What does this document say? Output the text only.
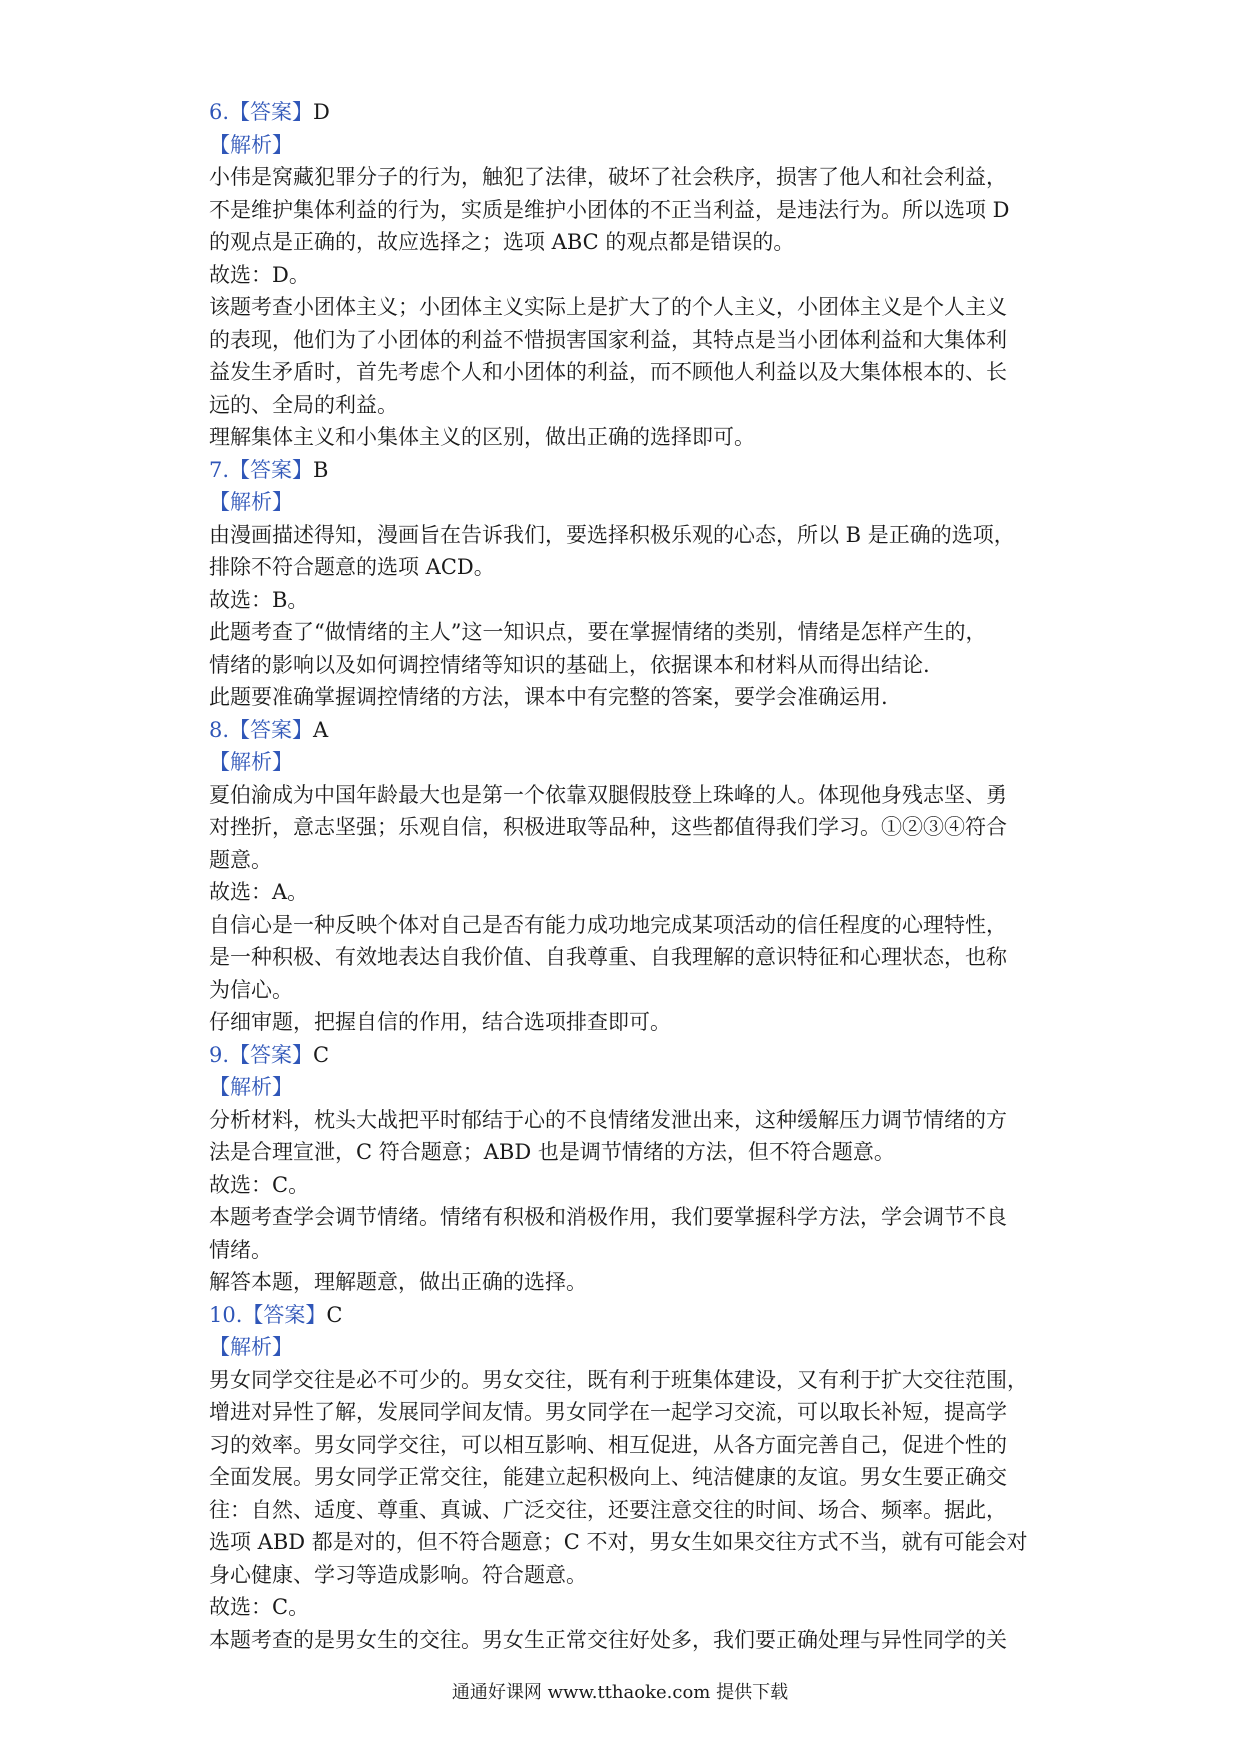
6.【答案】D
【解析】
小伟是窝藏犯罪分子的行为，触犯了法律，破坏了社会秩序，损害了他人和社会利益，
不是维护集体利益的行为，实质是维护小团体的不正当利益，是违法行为。所以选项 D
的观点是正确的，故应选择之；选项 ABC 的观点都是错误的。
故选：D。
该题考查小团体主义；小团体主义实际上是扩大了的个人主义，小团体主义是个人主义
的表现，他们为了小团体的利益不惜损害国家利益，其特点是当小团体利益和大集体利
益发生矛盾时，首先考虑个人和小团体的利益，而不顾他人利益以及大集体根本的、长
远的、全局的利益。
理解集体主义和小集体主义的区别，做出正确的选择即可。
7.【答案】B
【解析】
由漫画描述得知，漫画旨在告诉我们，要选择积极乐观的心态，所以 B 是正确的选项，
排除不符合题意的选项 ACD。
故选：B。
此题考查了“做情绪的主人”这一知识点，要在掌握情绪的类别，情绪是怎样产生的，
情绪的影响以及如何调控情绪等知识的基础上，依据课本和材料从而得出结论.
此题要准确掌握调控情绪的方法，课本中有完整的答案，要学会准确运用.
8.【答案】A
【解析】
夏伯渝成为中国年龄最大也是第一个依靠双腿假肢登上珠峰的人。体现他身残志坚、勇
对挫折，意志坚强；乐观自信，积极进取等品种，这些都值得我们学习。①②③④符合
题意。
故选：A。
自信心是一种反映个体对自己是否有能力成功地完成某项活动的信任程度的心理特性，
是一种积极、有效地表达自我价值、自我尊重、自我理解的意识特征和心理状态，也称
为信心。
仔细审题，把握自信的作用，结合选项排查即可。
9.【答案】C
【解析】
分析材料，枕头大战把平时郁结于心的不良情绪发泄出来，这种缓解压力调节情绪的方
法是合理宣泄，C 符合题意；ABD 也是调节情绪的方法，但不符合题意。
故选：C。
本题考查学会调节情绪。情绪有积极和消极作用，我们要掌握科学方法，学会调节不良
情绪。
解答本题，理解题意，做出正确的选择。
10.【答案】C
【解析】
男女同学交往是必不可少的。男女交往，既有利于班集体建设，又有利于扩大交往范围，
增进对异性了解，发展同学间友情。男女同学在一起学习交流，可以取长补短，提高学
习的效率。男女同学交往，可以相互影响、相互促进，从各方面完善自己，促进个性的
全面发展。男女同学正常交往，能建立起积极向上、纯洁健康的友谊。男女生要正确交
往：自然、适度、尊重、真诚、广泛交往，还要注意交往的时间、场合、频率。据此，
选项 ABD 都是对的，但不符合题意；C 不对，男女生如果交往方式不当，就有可能会对
身心健康、学习等造成影响。符合题意。
故选：C。
本题考查的是男女生的交往。男女生正常交往好处多，我们要正确处理与异性同学的关
通通好课网 www.tthaoke.com 提供下载
